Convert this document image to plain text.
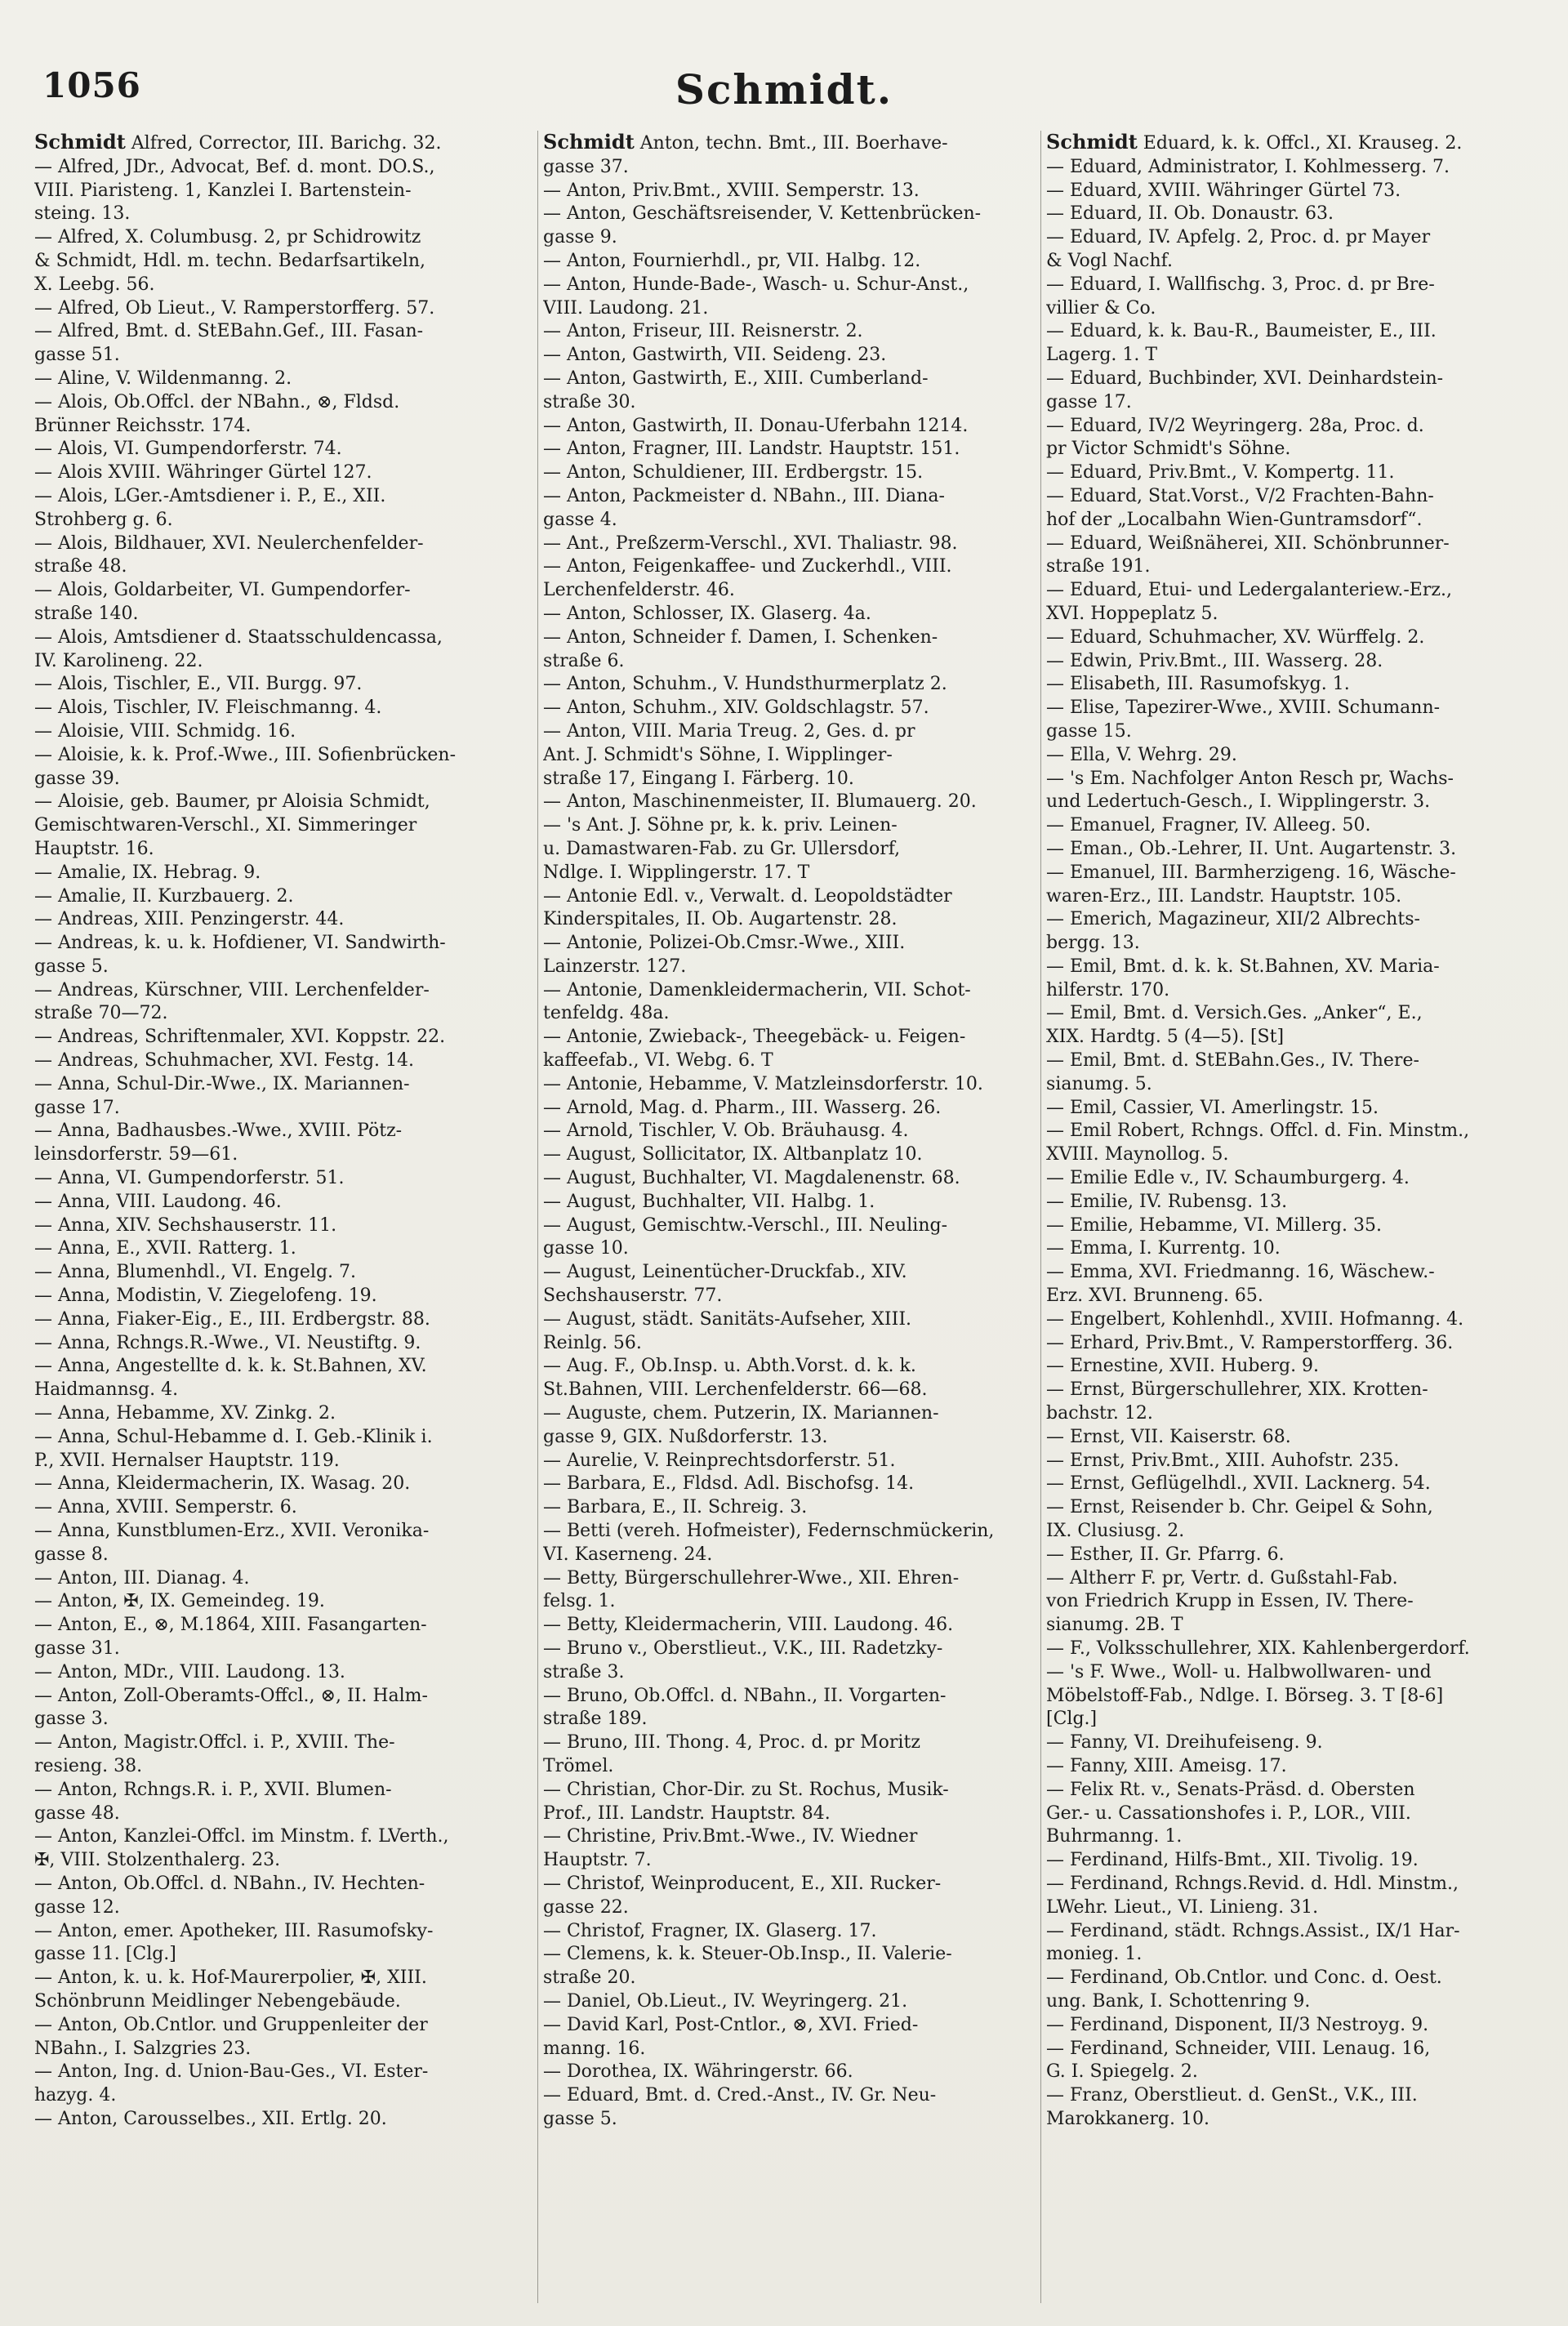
1056	Schmidt.
Schmidt Alfred, Corrector, III. Barichg. 32.
— Alfred, JDr., Advocat, Bef. d. mont. DO.S.,
VIII. Piaristeng. 1, Kanzlei I. Bartenstein-
steing. 13.
— Alfred, X. Columbusg. 2, pr Schidrowitz
& Schmidt, Hdl. m. techn. Bedarfsartikeln,
X. Leebg. 56.
— Alfred, Ob Lieut., V. Ramperstorfferg. 57.
— Alfred, Bmt. d. StEBahn.Gef., III. Fasan-
gasse 51.
— Aline, V. Wildenmanng. 2.
— Alois, Ob.Offcl. der NBahn., ⊗, Fldsd.
Brünner Reichsstr. 174.
— Alois, VI. Gumpendorferstr. 74.
— Alois XVIII. Währinger Gürtel 127.
— Alois, LGer.-Amtsdiener i. P., E., XII.
Strohberg g. 6.
— Alois, Bildhauer, XVI. Neulerchenfelder-
straße 48.
— Alois, Goldarbeiter, VI. Gumpendorfer-
straße 140.
— Alois, Amtsdiener d. Staatsschuldencassa,
IV. Karolineng. 22.
— Alois, Tischler, E., VII. Burgg. 97.
— Alois, Tischler, IV. Fleischmanng. 4.
— Aloisie, VIII. Schmidg. 16.
— Aloisie, k. k. Prof.-Wwe., III. Sofienbrücken-
gasse 39.
— Aloisie, geb. Baumer, pr Aloisia Schmidt,
Gemischtwaren-Verschl., XI. Simmeringer
Hauptstr. 16.
— Amalie, IX. Hebrag. 9.
— Amalie, II. Kurzbauerg. 2.
— Andreas, XIII. Penzingerstr. 44.
— Andreas, k. u. k. Hofdiener, VI. Sandwirth-
gasse 5.
— Andreas, Kürschner, VIII. Lerchenfelder-
straße 70—72.
— Andreas, Schriftenmaler, XVI. Koppstr. 22.
— Andreas, Schuhmacher, XVI. Festg. 14.
— Anna, Schul-Dir.-Wwe., IX. Mariannen-
gasse 17.
— Anna, Badhausbes.-Wwe., XVIII. Pötz-
leinsdorferstr. 59—61.
— Anna, VI. Gumpendorferstr. 51.
— Anna, VIII. Laudong. 46.
— Anna, XIV. Sechshauserstr. 11.
— Anna, E., XVII. Ratterg. 1.
— Anna, Blumenhdl., VI. Engelg. 7.
— Anna, Modistin, V. Ziegelofeng. 19.
— Anna, Fiaker-Eig., E., III. Erdbergstr. 88.
— Anna, Rchngs.R.-Wwe., VI. Neustiftg. 9.
— Anna, Angestellte d. k. k. St.Bahnen, XV.
Haidmannsg. 4.
— Anna, Hebamme, XV. Zinkg. 2.
— Anna, Schul-Hebamme d. I. Geb.-Klinik i.
P., XVII. Hernalser Hauptstr. 119.
— Anna, Kleidermacherin, IX. Wasag. 20.
— Anna, XVIII. Semperstr. 6.
— Anna, Kunstblumen-Erz., XVII. Veronika-
gasse 8.
— Anton, III. Dianag. 4.
— Anton, ✠, IX. Gemeindeg. 19.
— Anton, E., ⊗, M.1864, XIII. Fasangarten-
gasse 31.
— Anton, MDr., VIII. Laudong. 13.
— Anton, Zoll-Oberamts-Offcl., ⊗, II. Halm-
gasse 3.
— Anton, Magistr.Offcl. i. P., XVIII. The-
resieng. 38.
— Anton, Rchngs.R. i. P., XVII. Blumen-
gasse 48.
— Anton, Kanzlei-Offcl. im Minstm. f. LVerth.,
✠, VIII. Stolzenthalerg. 23.
— Anton, Ob.Offcl. d. NBahn., IV. Hechten-
gasse 12.
— Anton, emer. Apotheker, III. Rasumofsky-
gasse 11. [Clg.]
— Anton, k. u. k. Hof-Maurerpolier, ✠, XIII.
Schönbrunn Meidlinger Nebengebäude.
— Anton, Ob.Cntlor. und Gruppenleiter der
NBahn., I. Salzgries 23.
— Anton, Ing. d. Union-Bau-Ges., VI. Ester-
hazyg. 4.
— Anton, Carousselbes., XII. Ertlg. 20.
Schmidt Anton, techn. Bmt., III. Boerhave-
gasse 37.
— Anton, Priv.Bmt., XVIII. Semperstr. 13.
— Anton, Geschäftsreisender, V. Kettenbrücken-
gasse 9.
— Anton, Fournierhdl., pr, VII. Halbg. 12.
— Anton, Hunde-Bade-, Wasch- u. Schur-Anst.,
VIII. Laudong. 21.
— Anton, Friseur, III. Reisnerstr. 2.
— Anton, Gastwirth, VII. Seideng. 23.
— Anton, Gastwirth, E., XIII. Cumberland-
straße 30.
— Anton, Gastwirth, II. Donau-Uferbahn 1214.
— Anton, Fragner, III. Landstr. Hauptstr. 151.
— Anton, Schuldiener, III. Erdbergstr. 15.
— Anton, Packmeister d. NBahn., III. Diana-
gasse 4.
— Ant., Preßzerm-Verschl., XVI. Thaliastr. 98.
— Anton, Feigenkaffee- und Zuckerhdl., VIII.
Lerchenfelderstr. 46.
— Anton, Schlosser, IX. Glaserg. 4a.
— Anton, Schneider f. Damen, I. Schenken-
straße 6.
— Anton, Schuhm., V. Hundsthurmerplatz 2.
— Anton, Schuhm., XIV. Goldschlagstr. 57.
— Anton, VIII. Maria Treug. 2, Ges. d. pr
Ant. J. Schmidt's Söhne, I. Wipplinger-
straße 17, Eingang I. Färberg. 10.
— Anton, Maschinenmeister, II. Blumauerg. 20.
— 's Ant. J. Söhne pr, k. k. priv. Leinen-
u. Damastwaren-Fab. zu Gr. Ullersdorf,
Ndlge. I. Wipplingerstr. 17. T
— Antonie Edl. v., Verwalt. d. Leopoldstädter
Kinderspitales, II. Ob. Augartenstr. 28.
— Antonie, Polizei-Ob.Cmsr.-Wwe., XIII.
Lainzerstr. 127.
— Antonie, Damenkleidermacherin, VII. Schot-
tenfeldg. 48a.
— Antonie, Zwieback-, Theegebäck- u. Feigen-
kaffeefab., VI. Webg. 6. T
— Antonie, Hebamme, V. Matzleinsdorferstr. 10.
— Arnold, Mag. d. Pharm., III. Wasserg. 26.
— Arnold, Tischler, V. Ob. Bräuhausg. 4.
— August, Sollicitator, IX. Altbanplatz 10.
— August, Buchhalter, VI. Magdalenenstr. 68.
— August, Buchhalter, VII. Halbg. 1.
— August, Gemischtw.-Verschl., III. Neuling-
gasse 10.
— August, Leinentücher-Druckfab., XIV.
Sechshauserstr. 77.
— August, städt. Sanitäts-Aufseher, XIII.
Reinlg. 56.
— Aug. F., Ob.Insp. u. Abth.Vorst. d. k. k.
St.Bahnen, VIII. Lerchenfelderstr. 66—68.
— Auguste, chem. Putzerin, IX. Mariannen-
gasse 9, GIX. Nußdorferstr. 13.
— Aurelie, V. Reinprechtsdorferstr. 51.
— Barbara, E., Fldsd. Adl. Bischofsg. 14.
— Barbara, E., II. Schreig. 3.
— Betti (vereh. Hofmeister), Federnschmückerin,
VI. Kaserneng. 24.
— Betty, Bürgerschullehrer-Wwe., XII. Ehren-
felsg. 1.
— Betty, Kleidermacherin, VIII. Laudong. 46.
— Bruno v., Oberstlieut., V.K., III. Radetzky-
straße 3.
— Bruno, Ob.Offcl. d. NBahn., II. Vorgarten-
straße 189.
— Bruno, III. Thong. 4, Proc. d. pr Moritz
Trömel.
— Christian, Chor-Dir. zu St. Rochus, Musik-
Prof., III. Landstr. Hauptstr. 84.
— Christine, Priv.Bmt.-Wwe., IV. Wiedner
Hauptstr. 7.
— Christof, Weinproducent, E., XII. Rucker-
gasse 22.
— Christof, Fragner, IX. Glaserg. 17.
— Clemens, k. k. Steuer-Ob.Insp., II. Valerie-
straße 20.
— Daniel, Ob.Lieut., IV. Weyringerg. 21.
— David Karl, Post-Cntlor., ⊗, XVI. Fried-
manng. 16.
— Dorothea, IX. Währingerstr. 66.
— Eduard, Bmt. d. Cred.-Anst., IV. Gr. Neu-
gasse 5.
Schmidt Eduard, k. k. Offcl., XI. Krauseg. 2.
— Eduard, Administrator, I. Kohlmesserg. 7.
— Eduard, XVIII. Währinger Gürtel 73.
— Eduard, II. Ob. Donaustr. 63.
— Eduard, IV. Apfelg. 2, Proc. d. pr Mayer
& Vogl Nachf.
— Eduard, I. Wallfischg. 3, Proc. d. pr Bre-
villier & Co.
— Eduard, k. k. Bau-R., Baumeister, E., III.
Lagerg. 1. T
— Eduard, Buchbinder, XVI. Deinhardstein-
gasse 17.
— Eduard, IV/2 Weyringerg. 28a, Proc. d.
pr Victor Schmidt's Söhne.
— Eduard, Priv.Bmt., V. Kompertg. 11.
— Eduard, Stat.Vorst., V/2 Frachten-Bahn-
hof der „Localbahn Wien-Guntramsdorf“.
— Eduard, Weißnäherei, XII. Schönbrunner-
straße 191.
— Eduard, Etui- und Ledergalanteriew.-Erz.,
XVI. Hoppeplatz 5.
— Eduard, Schuhmacher, XV. Würffelg. 2.
— Edwin, Priv.Bmt., III. Wasserg. 28.
— Elisabeth, III. Rasumofskyg. 1.
— Elise, Tapezirer-Wwe., XVIII. Schumann-
gasse 15.
— Ella, V. Wehrg. 29.
— 's Em. Nachfolger Anton Resch pr, Wachs-
und Ledertuch-Gesch., I. Wipplingerstr. 3.
— Emanuel, Fragner, IV. Alleeg. 50.
— Eman., Ob.-Lehrer, II. Unt. Augartenstr. 3.
— Emanuel, III. Barmherzigeng. 16, Wäsche-
waren-Erz., III. Landstr. Hauptstr. 105.
— Emerich, Magazineur, XII/2 Albrechts-
bergg. 13.
— Emil, Bmt. d. k. k. St.Bahnen, XV. Maria-
hilferstr. 170.
— Emil, Bmt. d. Versich.Ges. „Anker“, E.,
XIX. Hardtg. 5 (4—5). [St]
— Emil, Bmt. d. StEBahn.Ges., IV. There-
sianumg. 5.
— Emil, Cassier, VI. Amerlingstr. 15.
— Emil Robert, Rchngs. Offcl. d. Fin. Minstm.,
XVIII. Maynollog. 5.
— Emilie Edle v., IV. Schaumburgerg. 4.
— Emilie, IV. Rubensg. 13.
— Emilie, Hebamme, VI. Millerg. 35.
— Emma, I. Kurrentg. 10.
— Emma, XVI. Friedmanng. 16, Wäschew.-
Erz. XVI. Brunneng. 65.
— Engelbert, Kohlenhdl., XVIII. Hofmanng. 4.
— Erhard, Priv.Bmt., V. Ramperstorfferg. 36.
— Ernestine, XVII. Huberg. 9.
— Ernst, Bürgerschullehrer, XIX. Krotten-
bachstr. 12.
— Ernst, VII. Kaiserstr. 68.
— Ernst, Priv.Bmt., XIII. Auhofstr. 235.
— Ernst, Geflügelhdl., XVII. Lacknerg. 54.
— Ernst, Reisender b. Chr. Geipel & Sohn,
IX. Clusiusg. 2.
— Esther, II. Gr. Pfarrg. 6.
— Altherr F. pr, Vertr. d. Gußstahl-Fab.
von Friedrich Krupp in Essen, IV. There-
sianumg. 2B. T
— F., Volksschullehrer, XIX. Kahlenbergerdorf.
— 's F. Wwe., Woll- u. Halbwollwaren- und
Möbelstoff-Fab., Ndlge. I. Börseg. 3. T [8-6]
[Clg.]
— Fanny, VI. Dreihufeiseng. 9.
— Fanny, XIII. Ameisg. 17.
— Felix Rt. v., Senats-Präsd. d. Obersten
Ger.- u. Cassationshofes i. P., LOR., VIII.
Buhrmanng. 1.
— Ferdinand, Hilfs-Bmt., XII. Tivolig. 19.
— Ferdinand, Rchngs.Revid. d. Hdl. Minstm.,
LWehr. Lieut., VI. Linieng. 31.
— Ferdinand, städt. Rchngs.Assist., IX/1 Har-
monieg. 1.
— Ferdinand, Ob.Cntlor. und Conc. d. Oest.
ung. Bank, I. Schottenring 9.
— Ferdinand, Disponent, II/3 Nestroyg. 9.
— Ferdinand, Schneider, VIII. Lenaug. 16,
G. I. Spiegelg. 2.
— Franz, Oberstlieut. d. GenSt., V.K., III.
Marokkanerg. 10.
